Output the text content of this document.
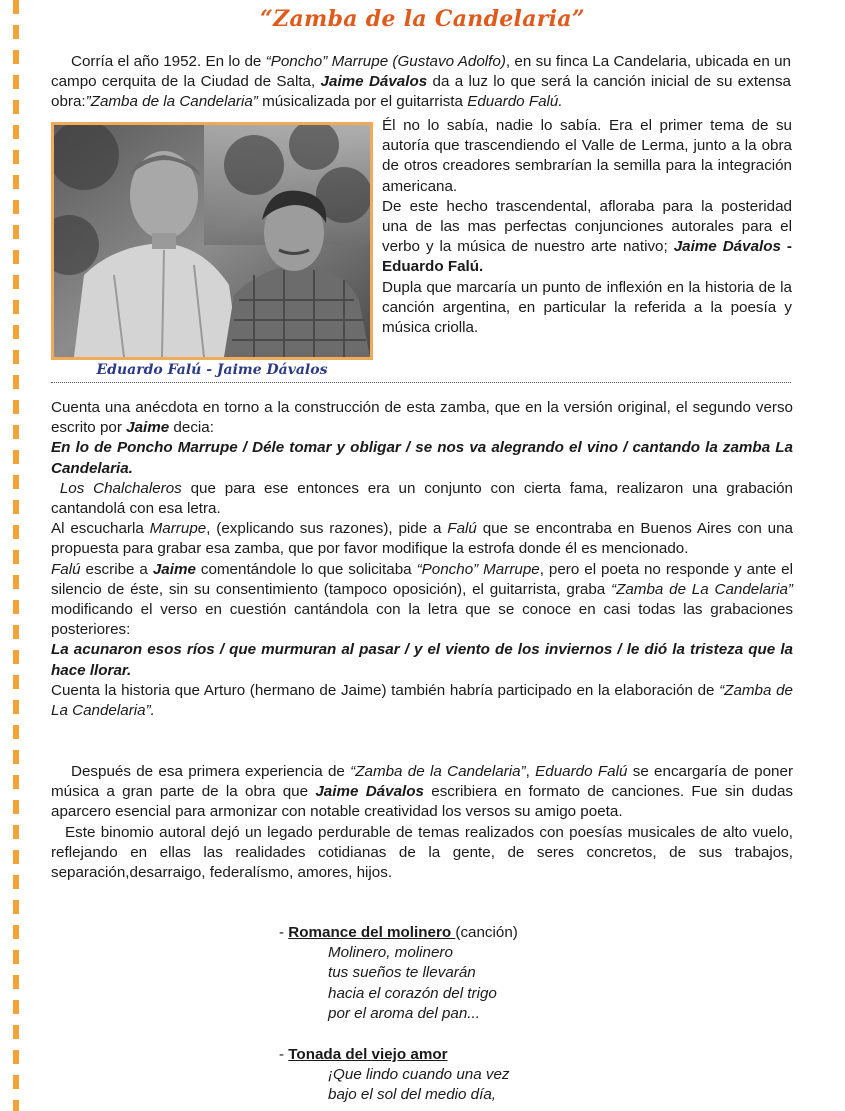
“Zamba de la Candelaria”

Corría el año 1952. En lo de “Poncho” Marrupe (Gustavo Adolfo), en su finca La Candelaria, ubicada en un campo cerquita de la Ciudad de Salta, Jaime Dávalos da a luz lo que será la canción inicial de su extensa obra:”Zamba de la Candelaria” músicalizada por el guitarrista Eduardo Falú.

Eduardo Falú - Jaime Dávalos

Él no lo sabía, nadie lo sabía. Era el primer tema de su autoría que trascendiendo el Valle de Lerma, junto a la obra de otros creadores sembrarían la semilla para la integración americana.

De este hecho trascendental, afloraba para la posteridad una de las mas perfectas conjunciones autorales para el verbo y la música de nuestro arte nativo; Jaime Dávalos - Eduardo Falú.

Dupla que marcaría un punto de inflexión en la historia de la canción argentina, en particular la referida a la poesía y música criolla.

Cuenta una anécdota en torno a la construcción de esta zamba, que en la versión original, el segundo verso escrito por Jaime decia:

En lo de Poncho Marrupe / Déle tomar y obligar / se nos va alegrando el vino / cantando la zamba La Candelaria.

Los Chalchaleros que para ese entonces era un conjunto con cierta fama, realizaron una grabación cantandolá con esa letra.

Al escucharla Marrupe, (explicando sus razones), pide a Falú que se encontraba en Buenos Aires con una propuesta para grabar esa zamba, que por favor modifique la estrofa donde él es mencionado.

Falú escribe a Jaime comentándole lo que solicitaba “Poncho” Marrupe, pero el poeta no responde y ante el silencio de éste, sin su consentimiento (tampoco oposición), el guitarrista, graba “Zamba de La Candelaria” modificando el verso en cuestión cantándola con la letra que se conoce en casi todas las grabaciones posteriores:

La acunaron esos ríos / que murmuran al pasar / y el viento de los inviernos / le dió la tristeza que la hace llorar.

Cuenta la historia que Arturo (hermano de Jaime) también habría participado en la elaboración de “Zamba de La Candelaria”.

Después de esa primera experiencia de “Zamba de la Candelaria”, Eduardo Falú se encargaría de poner música a gran parte de la obra que Jaime Dávalos escribiera en formato de canciones. Fue sin dudas aparcero esencial para armonizar con notable creatividad los versos su amigo poeta.

Este binomio autoral dejó un legado perdurable de temas realizados con poesías musicales de alto vuelo, reflejando en ellas las realidades cotidianas de la gente, de seres concretos, de sus trabajos, separación,desarraigo, federalísmo, amores, hijos.

- Romance del molinero (canción)
Molinero, molinero
tus sueños te llevarán
hacia el corazón del trigo
por el aroma del pan...
- Tonada del viejo amor
¡Que lindo cuando una vez
bajo el sol del medio día,
